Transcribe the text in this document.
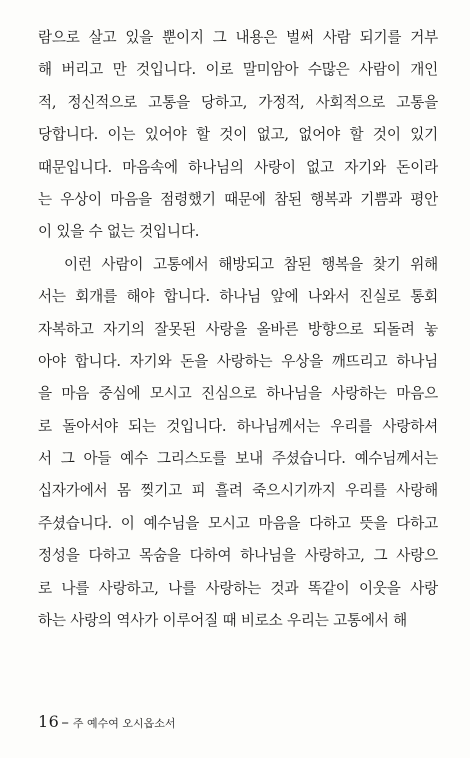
람으로 살고 있을 뿐이지 그 내용은 벌써 사람 되기를 거부
해 버리고 만 것입니다. 이로 말미암아 수많은 사람이 개인
적, 정신적으로 고통을 당하고, 가정적, 사회적으로 고통을
당합니다. 이는 있어야 할 것이 없고, 없어야 할 것이 있기
때문입니다. 마음속에 하나님의 사랑이 없고 자기와 돈이라
는 우상이 마음을 점령했기 때문에 참된 행복과 기쁨과 평안
이 있을 수 없는 것입니다.
이런 사람이 고통에서 해방되고 참된 행복을 찾기 위해
서는 회개를 해야 합니다. 하나님 앞에 나와서 진실로 통회
자복하고 자기의 잘못된 사랑을 올바른 방향으로 되돌려 놓
아야 합니다. 자기와 돈을 사랑하는 우상을 깨뜨리고 하나님
을 마음 중심에 모시고 진심으로 하나님을 사랑하는 마음으
로 돌아서야 되는 것입니다. 하나님께서는 우리를 사랑하셔
서 그 아들 예수 그리스도를 보내 주셨습니다. 예수님께서는
십자가에서 몸 찢기고 피 흘려 죽으시기까지 우리를 사랑해
주셨습니다. 이 예수님을 모시고 마음을 다하고 뜻을 다하고
정성을 다하고 목숨을 다하여 하나님을 사랑하고, 그 사랑으
로 나를 사랑하고, 나를 사랑하는 것과 똑같이 이웃을 사랑
하는 사랑의 역사가 이루어질 때 비로소 우리는 고통에서 해
16 – 주 예수여 오시옵소서
